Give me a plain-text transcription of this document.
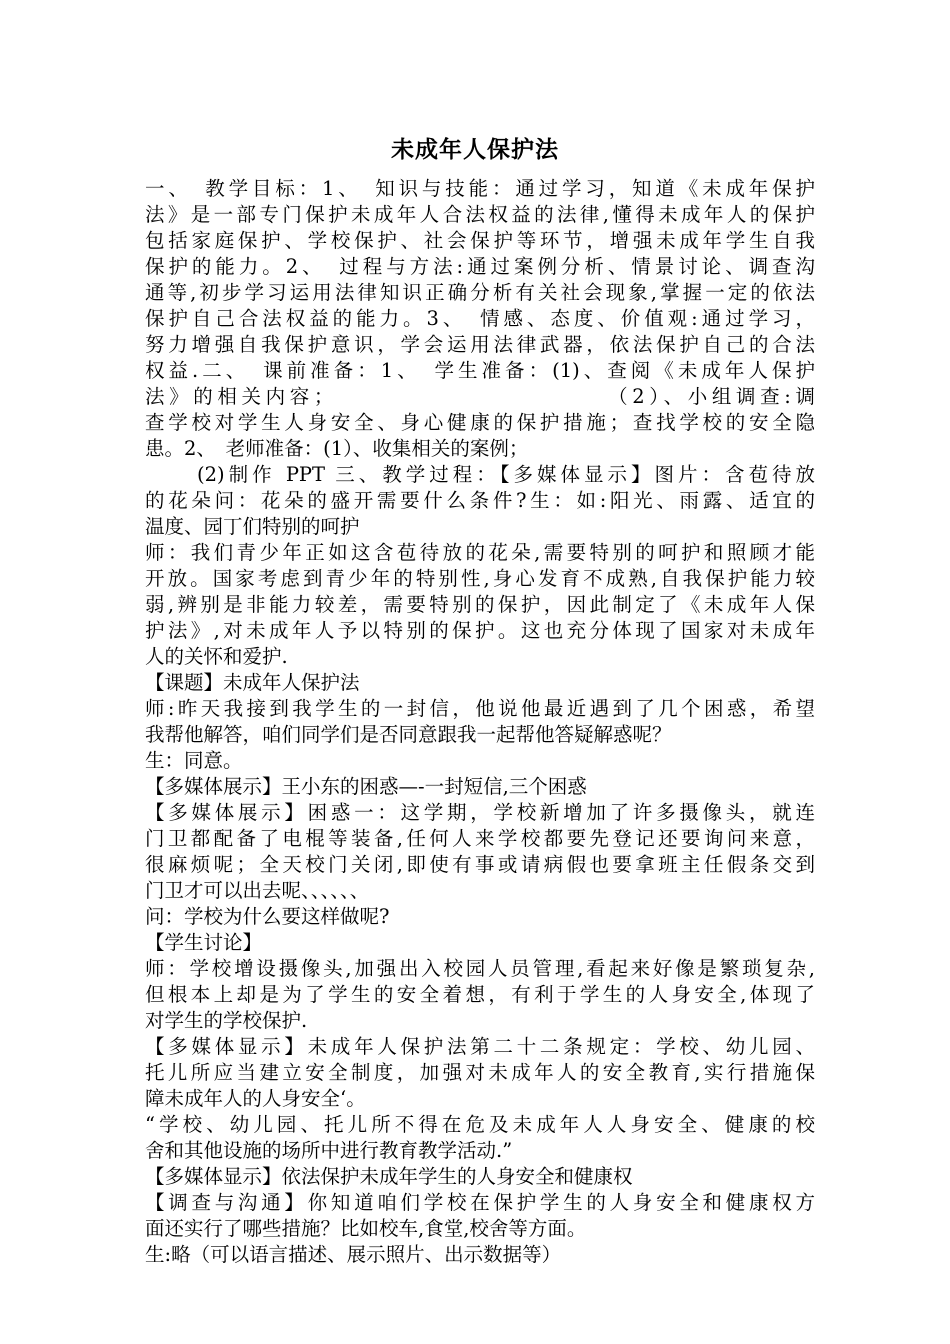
未成年人保护法
一、　教学目标：1、　知识与技能：通过学习，知道《未成年保护
法》是一部专门保护未成年人合法权益的法律,懂得未成年人的保护
包括家庭保护、学校保护、社会保护等环节，增强未成年学生自我
保护的能力。2、　过程与方法:通过案例分析、情景讨论、调查沟
通等,初步学习运用法律知识正确分析有关社会现象,掌握一定的依法
保护自己合法权益的能力。3、　情感、态度、价值观:通过学习，
努力增强自我保护意识，学会运用法律武器，依法保护自己的合法
权益.二、　课前准备：1、　学生准备：(1)、查阅《未成年人保护
法》的相关内容；　　　　　　　　　　　　（2）、小组调查:调
查学校对学生人身安全、身心健康的保护措施；查找学校的安全隐
患。2、　老师准备：(1）、收集相关的案例；
(2)制作 PPT 三、教学过程：【多媒体显示】图片：含苞待放
的花朵问：花朵的盛开需要什么条件?生：如:阳光、雨露、适宜的
温度、园丁们特别的呵护
师：我们青少年正如这含苞待放的花朵,需要特别的呵护和照顾才能
开放。国家考虑到青少年的特别性,身心发育不成熟,自我保护能力较
弱,辨别是非能力较差，需要特别的保护，因此制定了《未成年人保
护法》,对未成年人予以特别的保护。这也充分体现了国家对未成年
人的关怀和爱护.
【课题】未成年人保护法
师:昨天我接到我学生的一封信，他说他最近遇到了几个困惑，希望
我帮他解答，咱们同学们是否同意跟我一起帮他答疑解惑呢？
生：同意。
【多媒体展示】王小东的困惑—-一封短信,三个困惑
【多媒体展示】困惑一：这学期，学校新增加了许多摄像头，就连
门卫都配备了电棍等装备,任何人来学校都要先登记还要询问来意，
很麻烦呢；全天校门关闭,即使有事或请病假也要拿班主任假条交到
门卫才可以出去呢、、、、、、
问：学校为什么要这样做呢?
【学生讨论】
师：学校增设摄像头,加强出入校园人员管理,看起来好像是繁琐复杂,
但根本上却是为了学生的安全着想，有利于学生的人身安全,体现了
对学生的学校保护.
【多媒体显示】未成年人保护法第二十二条规定：学校、幼儿园、
托儿所应当建立安全制度，加强对未成年人的安全教育,实行措施保
障未成年人的人身安全‘。
“学校、幼儿园、托儿所不得在危及未成年人人身安全、健康的校
舍和其他设施的场所中进行教育教学活动.”
【多媒体显示】依法保护未成年学生的人身安全和健康权
【调查与沟通】你知道咱们学校在保护学生的人身安全和健康权方
面还实行了哪些措施？比如校车,食堂,校舍等方面。
生:略（可以语言描述、展示照片、出示数据等）
